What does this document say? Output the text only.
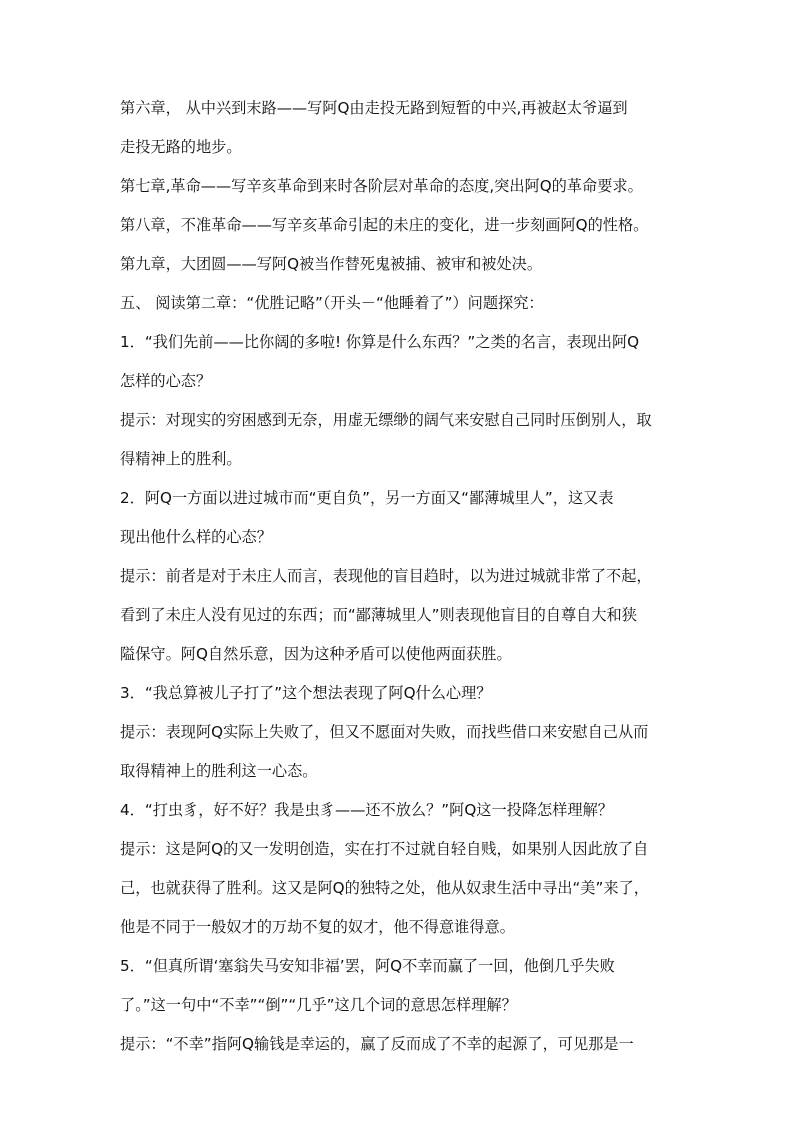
第六章， 从中兴到末路——写阿Q由走投无路到短暂的中兴,再被赵太爷逼到
走投无路的地步。
第七章,革命——写辛亥革命到来时各阶层对革命的态度,突出阿Q的革命要求。
第八章，不准革命——写辛亥革命引起的未庄的变化，进一步刻画阿Q的性格。
第九章，大团圆——写阿Q被当作替死鬼被捕、被审和被处决。
五、 阅读第二章：“优胜记略”（开头－“他睡着了”）问题探究：
1．“我们先前——比你阔的多啦! 你算是什么东西？”之类的名言，表现出阿Q
怎样的心态？
提示：对现实的穷困感到无奈，用虚无缥缈的阔气来安慰自己同时压倒别人，取
得精神上的胜利。
2．阿Q一方面以进过城市而“更自负”，另一方面又“鄙薄城里人”，这又表
现出他什么样的心态？
提示：前者是对于未庄人而言，表现他的盲目趋时，以为进过城就非常了不起，
看到了未庄人没有见过的东西；而“鄙薄城里人”则表现他盲目的自尊自大和狭
隘保守。阿Q自然乐意，因为这种矛盾可以使他两面获胜。
3．“我总算被儿子打了”这个想法表现了阿Q什么心理？
提示：表现阿Q实际上失败了，但又不愿面对失败，而找些借口来安慰自己从而
取得精神上的胜利这一心态。
4．“打虫豸，好不好？我是虫豸——还不放么？”阿Q这一投降怎样理解？
提示：这是阿Q的又一发明创造，实在打不过就自轻自贱，如果别人因此放了自
己，也就获得了胜利。这又是阿Q的独特之处，他从奴隶生活中寻出“美”来了，
他是不同于一般奴才的万劫不复的奴才，他不得意谁得意。
5．“但真所谓‘塞翁失马安知非福’罢，阿Q不幸而赢了一回，他倒几乎失败
了。”这一句中“不幸”“倒”“几乎”这几个词的意思怎样理解？
提示：“不幸”指阿Q输钱是幸运的，赢了反而成了不幸的起源了，可见那是一
